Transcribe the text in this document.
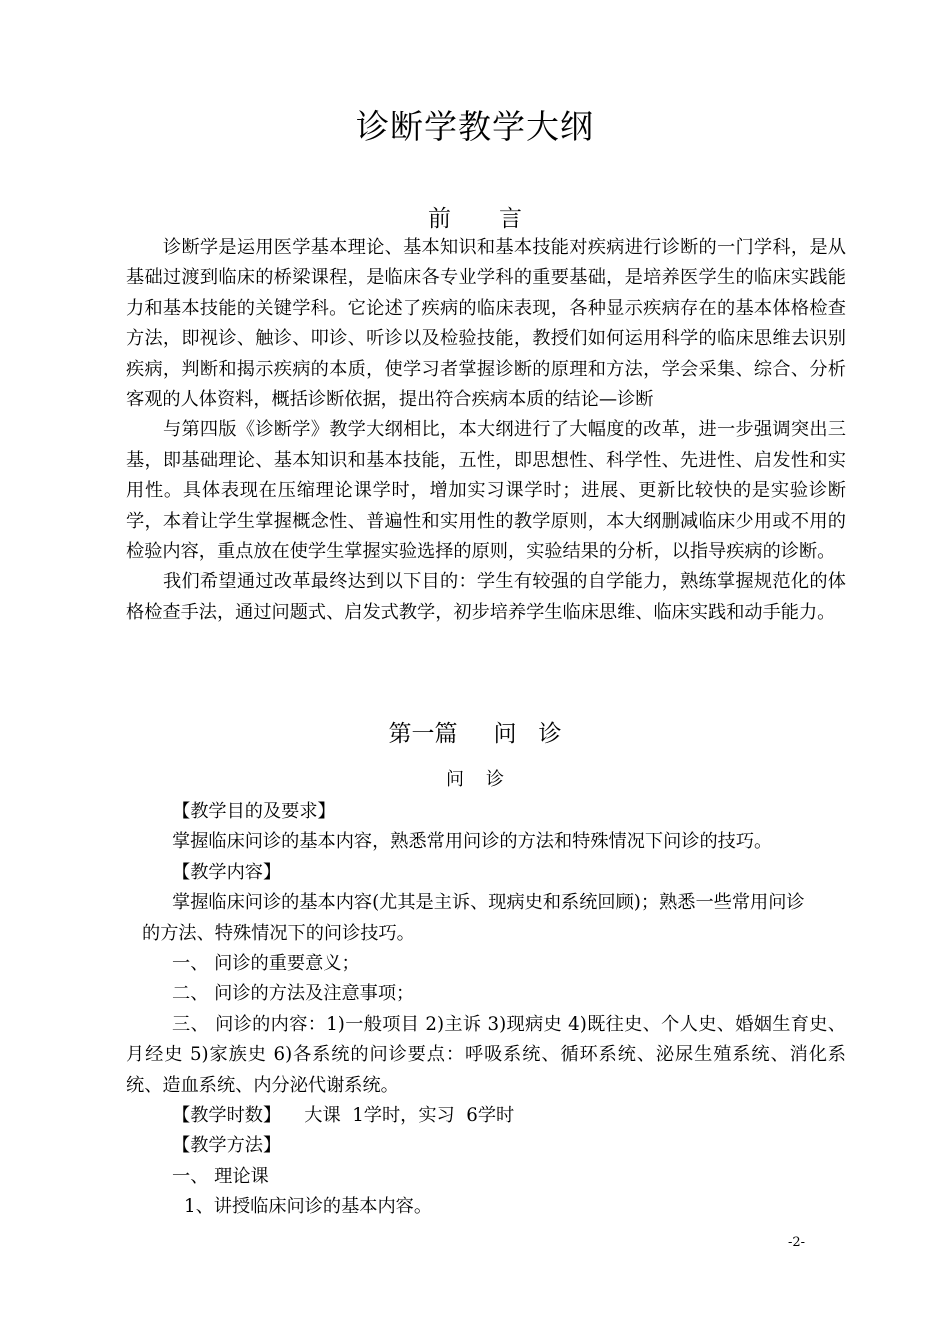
诊断学教学大纲
前 言

诊断学是运用医学基本理论、基本知识和基本技能对疾病进行诊断的一门学科，是从基础过渡到临床的桥梁课程，是临床各专业学科的重要基础，是培养医学生的临床实践能力和基本技能的关键学科。它论述了疾病的临床表现，各种显示疾病存在的基本体格检查方法，即视诊、触诊、叩诊、听诊以及检验技能，教授们如何运用科学的临床思维去识别疾病，判断和揭示疾病的本质，使学习者掌握诊断的原理和方法，学会采集、综合、分析客观的人体资料，概括诊断依据，提出符合疾病本质的结论—诊断

与第四版《诊断学》教学大纲相比，本大纲进行了大幅度的改革，进一步强调突出三基，即基础理论、基本知识和基本技能，五性，即思想性、科学性、先进性、启发性和实用性。具体表现在压缩理论课学时，增加实习课学时；进展、更新比较快的是实验诊断学，本着让学生掌握概念性、普遍性和实用性的教学原则，本大纲删减临床少用或不用的检验内容，重点放在使学生掌握实验选择的原则，实验结果的分析，以指导疾病的诊断。

我们希望通过改革最终达到以下目的：学生有较强的自学能力，熟练掌握规范化的体格检查手法，通过问题式、启发式教学，初步培养学生临床思维、临床实践和动手能力。

第一篇 问 诊
问 诊

【教学目的及要求】

掌握临床问诊的基本内容，熟悉常用问诊的方法和特殊情况下问诊的技巧。

【教学内容】

掌握临床问诊的基本内容(尤其是主诉、现病史和系统回顾)；熟悉一些常用问诊

的方法、特殊情况下的问诊技巧。

一、 问诊的重要意义；

二、 问诊的方法及注意事项；

三、 问诊的内容：1)一般项目 2)主诉 3)现病史 4)既往史、个人史、婚姻生育史、月经史 5)家族史 6)各系统的问诊要点：呼吸系统、循环系统、泌尿生殖系统、消化系统、造血系统、内分泌代谢系统。

【教学时数】    大课  1学时，实习  6学时

【教学方法】

一、 理论课

1、讲授临床问诊的基本内容。

-2-
